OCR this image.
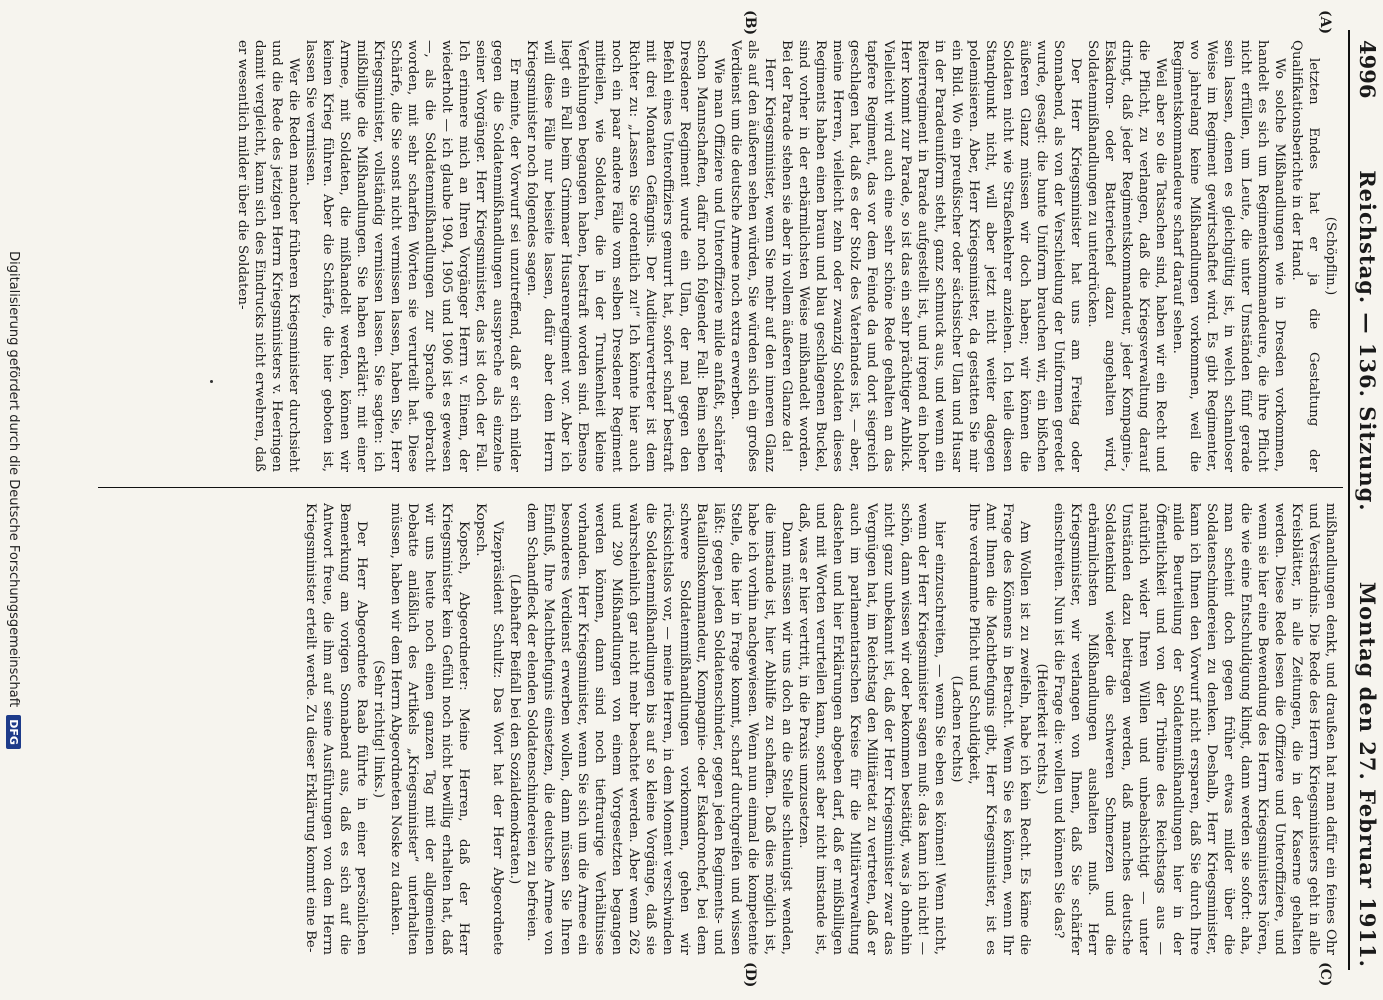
4996
Reichstag. — 136. Sitzung.
Montag den 27. Februar 1911.
(A)
(B)
(C)
(D)

(Schöpflin.)

letzten Endes hat er ja die Gestaltung der Qualifikationsberichte in der Hand.

Wo solche Mißhandlungen wie in Dresden vorkommen, handelt es sich um Regimentskommandeure, die ihre Pflicht nicht erfüllen, um Leute, die unter Umständen fünf gerade sein lassen, denen es gleichgültig ist, in welch schamloser Weise im Regiment gewirtschaftet wird. Es gibt Regimenter, wo jahrelang keine Mißhandlungen vorkommen, weil die Regimentskommandeure scharf darauf sehen.

Weil aber so die Tatsachen sind, haben wir ein Recht und die Pflicht, zu verlangen, daß die Kriegsverwaltung darauf dringt, daß jeder Regimentskommandeur, jeder Kompagnie-, Eskadron- oder Batteriechef dazu angehalten wird, Soldatenmißhandlungen zu unterdrücken.

Der Herr Kriegsminister hat uns am Freitag oder Sonnabend, als von der Verschiedung der Uniformen geredet wurde, gesagt: die bunte Uniform brauchen wir, ein bißchen äußeren Glanz müssen wir doch haben; wir können die Soldaten nicht wie Straßenkehrer anziehen. Ich teile diesen Standpunkt nicht, will aber jetzt nicht weiter dagegen polemisieren. Aber, Herr Kriegsminister, da gestatten Sie mir ein Bild. Wo ein preußischer oder sächsischer Ulan und Husar in der Paradeuniform steht, ganz schmuck aus, und wenn ein Reiterregiment in Parade aufgestellt ist, und irgend ein hoher Herr kommt zur Parade, so ist das ein sehr prächtiger Anblick. Vielleicht wird auch eine sehr schöne Rede gehalten an das tapfere Regiment, das vor dem Feinde da und dort siegreich geschlagen hat, daß es der Stolz des Vaterlandes ist, — aber, meine Herren, vielleicht zehn oder zwanzig Soldaten dieses Regiments haben einen braun und blau geschlagenen Buckel, sind vorher in der erbärmlichsten Weise mißhandelt worden. Bei der Parade stehen sie aber in vollem äußeren Glanze da!

Herr Kriegsminister, wenn Sie mehr auf den inneren Glanz als auf den äußeren sehen würden, Sie würden sich ein großes Verdienst um die deutsche Armee noch extra erwerben.

Wie man Offiziere und Unteroffiziere milde anfaßt, schärfer schon Mannschaften, dafür noch folgender Fall: Beim selben Dresdener Regiment wurde ein Ulan, der mal gegen den Befehl eines Unteroffiziers gemurrt hat, sofort scharf bestraft mit drei Monaten Gefängnis. Der Auditeurvertreter ist dem Richter zu: „Lassen Sie ordentlich zu!“ Ich könnte hier auch noch ein paar andere Fälle vom selben Dresdener Regiment mitteilen, wie Soldaten, die in der Trunkenheit kleine Verfehlungen begangen haben, bestraft worden sind. Ebenso liegt ein Fall beim Grimmaer Husarenregiment vor. Aber ich will diese Fälle nur beiseite lassen, dafür aber dem Herrn Kriegsminister noch folgendes sagen.

Er meinte, der Vorwurf sei unzutreffend, daß er sich milder gegen die Soldatenmißhandlungen ausspreche als einzelne seiner Vorgänger. Herr Kriegsminister, das ist doch der Fall. Ich erinnere mich an Ihren Vorgänger Herrn v. Einem, der wiederholt — ich glaube 1904, 1905 und 1906 ist es gewesen —, als die Soldatenmißhandlungen zur Sprache gebracht worden, mit sehr scharfen Worten sie verurteilt hat. Diese Schärfe, die Sie sonst nicht vermissen lassen, haben Sie, Herr Kriegsminister, vollständig vermissen lassen. Sie sagten: ich mißbillige die Mißhandlungen. Sie haben erklärt: mit einer Armee, mit Soldaten, die mißhandelt werden, können wir keinen Krieg führen. Aber die Schärfe, die hier geboten ist, lassen Sie vermissen.

Wer die Reden mancher früheren Kriegsminister durchsieht und die Rede des jetzigen Herrn Kriegsministers v. Heeringen damit vergleicht, kann sich des Eindrucks nicht erwehren, daß er wesentlich milder über die Soldaten-

mißhandlungen denkt, und draußen hat man dafür ein feines Ohr und Verständnis. Die Rede des Herrn Kriegsministers geht in alle Kreisblätter, in alle Zeitungen, die in der Kaserne gehalten werden. Diese Rede lesen die Offiziere und Unteroffiziere, und wenn sie hier eine Bewendung des Herrn Kriegsministers hören, die wie eine Entschuldigung klingt, dann werden sie sofort: aha, man scheint doch gegen früher etwas milder über die Soldatenschindereien zu denken. Deshalb, Herr Kriegsminister, kann ich Ihnen den Vorwurf nicht ersparen, daß Sie durch Ihre milde Beurteilung der Soldatenmißhandlungen hier in der Öffentlichkeit und von der Tribüne des Reichstags aus — natürlich wider Ihren Willen und unbeabsichtigt — unter Umständen dazu beitragen werden, daß manches deutsche Soldatenkind wieder die schweren Schmerzen und die erbärmlichsten Mißhandlungen aushalten muß. Herr Kriegsminister, wir verlangen von Ihnen, daß Sie schärfer einschreiten. Nun ist die Frage die: wollen und können Sie das?

(Heiterkeit rechts.)

Am Wollen ist zu zweifeln, habe ich kein Recht. Es käme die Frage des Könnens in Betracht. Wenn Sie es können, wenn Ihr Amt Ihnen die Machtbefugnis gibt, Herr Kriegsminister, ist es Ihre verdammte Pflicht und Schuldigkeit,

(Lachen rechts)

hier einzuschreiten, — wenn Sie eben es können! Wenn nicht, wenn der Herr Kriegsminister sagen muß: das kann ich nicht! — schön, dann wissen wir oder bekommen bestätigt, was ja ohnehin nicht ganz unbekannt ist, daß der Herr Kriegsminister zwar das Vergnügen hat, im Reichstag den Militäretat zu vertreten, daß er auch im parlamentarischen Kreise für die Militärverwaltung dastehen und hier Erklärungen abgeben darf, daß er mißbilligen und mit Worten verurteilen kann, sonst aber nicht imstande ist, daß, was er hier vertritt, in die Praxis umzusetzen.

Dann müssen wir uns doch an die Stelle schleunigst wenden, die imstande ist, hier Abhilfe zu schaffen. Daß dies möglich ist, habe ich vorhin nachgewiesen. Wenn nun einmal die kompetente Stelle, die hier in Frage kommt, scharf durchgreifen und wissen läßt: gegen jeden Soldatenschinder, gegen jeden Regiments- und Bataillonskommandeur, Kompagnie- oder Eskadronchef, bei dem schwere Soldatenmißhandlungen vorkommen, gehen wir rücksichtslos vor, — meine Herren, in dem Moment verschwinden die Soldatenmißhandlungen bis auf so kleine Vorgänge, daß sie wahrscheinlich gar nicht mehr beachtet werden. Aber wenn 262 und 290 Mißhandlungen von einem Vorgesetzten begangen werden können, dann sind noch tieftraurige Verhältnisse vorhanden. Herr Kriegsminister, wenn Sie sich um die Armee ein besonderes Verdienst erwerben wollen, dann müssen Sie Ihren Einfluß, Ihre Machtbefugnis einsetzen, die deutsche Armee von dem Schandfleck der elenden Soldatenschindereien zu befreien.

(Lebhafter Beifall bei den Sozialdemokraten.)

Vizepräsident Schultz: Das Wort hat der Herr Abgeordnete Kopsch.

Kopsch, Abgeordneter: Meine Herren, daß der Herr Kriegsminister kein Gefühl noch nicht bewillig erhalten hat, daß wir uns heute noch einen ganzen Tag mit der allgemeinen Debatte anläßlich des Artikels „Kriegsminister“ unterhalten müssen, haben wir dem Herrn Abgeordneten Noske zu danken.

(Sehr richtig! links.)

Der Herr Abgeordnete Raab führte in einer persönlichen Bemerkung am vorigen Sonnabend aus, daß es sich auf die Antwort freue, die ihm auf seine Ausführungen von dem Herrn Kriegsminister erteilt werde. Zu dieser Erklärung kommt eine Be-

Digitalisierung gefördert durch die Deutsche Forschungsgemeinschaft
DFG
